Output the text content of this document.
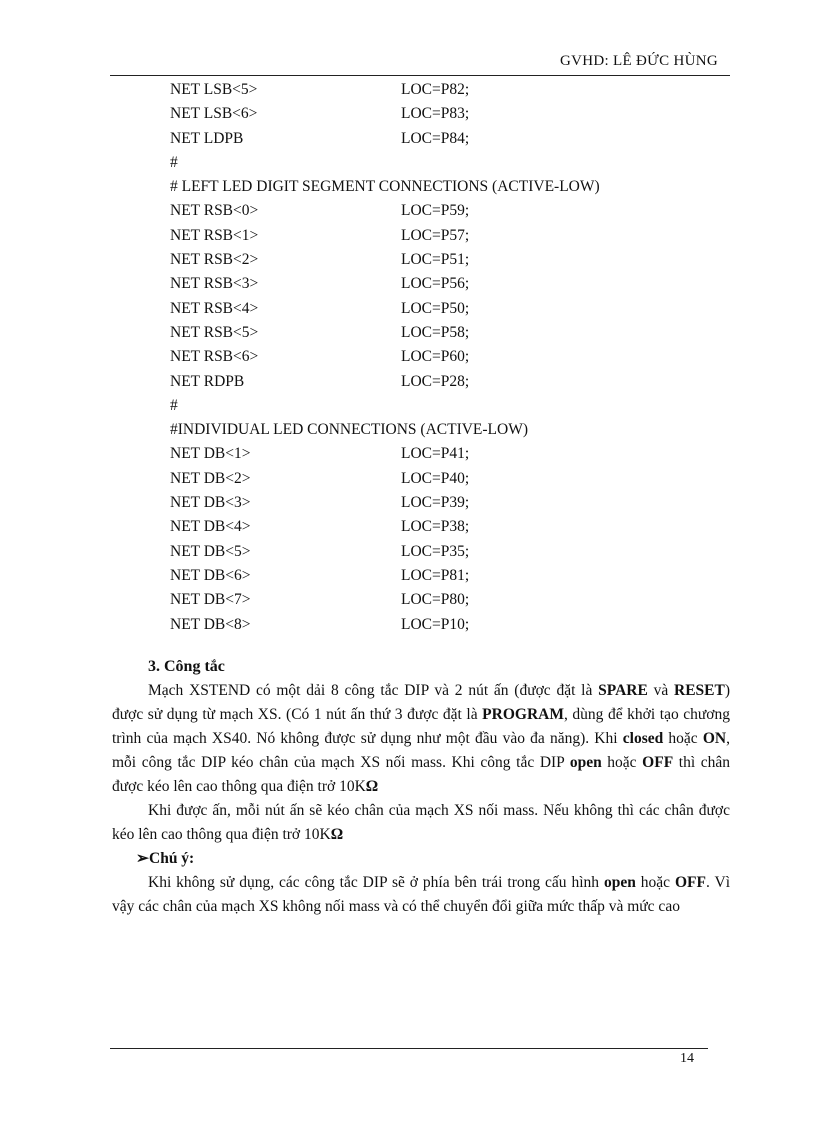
GVHD: LÊ ĐỨC HÙNG
NET LSB<5>	LOC=P82;
NET LSB<6>	LOC=P83;
NET LDPB	LOC=P84;
#
# LEFT LED DIGIT SEGMENT CONNECTIONS (ACTIVE-LOW)
NET RSB<0>	LOC=P59;
NET RSB<1>	LOC=P57;
NET RSB<2>	LOC=P51;
NET RSB<3>	LOC=P56;
NET RSB<4>	LOC=P50;
NET RSB<5>	LOC=P58;
NET RSB<6>	LOC=P60;
NET RDPB	LOC=P28;
#
#INDIVIDUAL LED CONNECTIONS (ACTIVE-LOW)
NET DB<1>	LOC=P41;
NET DB<2>	LOC=P40;
NET DB<3>	LOC=P39;
NET DB<4>	LOC=P38;
NET DB<5>	LOC=P35;
NET DB<6>	LOC=P81;
NET DB<7>	LOC=P80;
NET DB<8>	LOC=P10;
3. Công tắc

Mạch XSTEND có một dải 8 công tắc DIP và 2 nút ấn (được đặt là SPARE và RESET) được sử dụng từ mạch XS. (Có 1 nút ấn thứ 3 được đặt là PROGRAM, dùng để khởi tạo chương trình của mạch XS40. Nó không được sử dụng như một đầu vào đa năng). Khi closed hoặc ON, mỗi công tắc DIP kéo chân của mạch XS nối mass. Khi công tắc DIP open hoặc OFF thì chân được kéo lên cao thông qua điện trở 10KΩ

Khi được ấn, mỗi nút ấn sẽ kéo chân của mạch XS nối mass. Nếu không thì các chân được kéo lên cao thông qua điện trở 10KΩ

➢Chú ý:

Khi không sử dụng, các công tắc DIP sẽ ở phía bên trái trong cấu hình open hoặc OFF. Vì vậy các chân của mạch XS không nối mass và có thể chuyển đổi giữa mức thấp và mức cao

14
